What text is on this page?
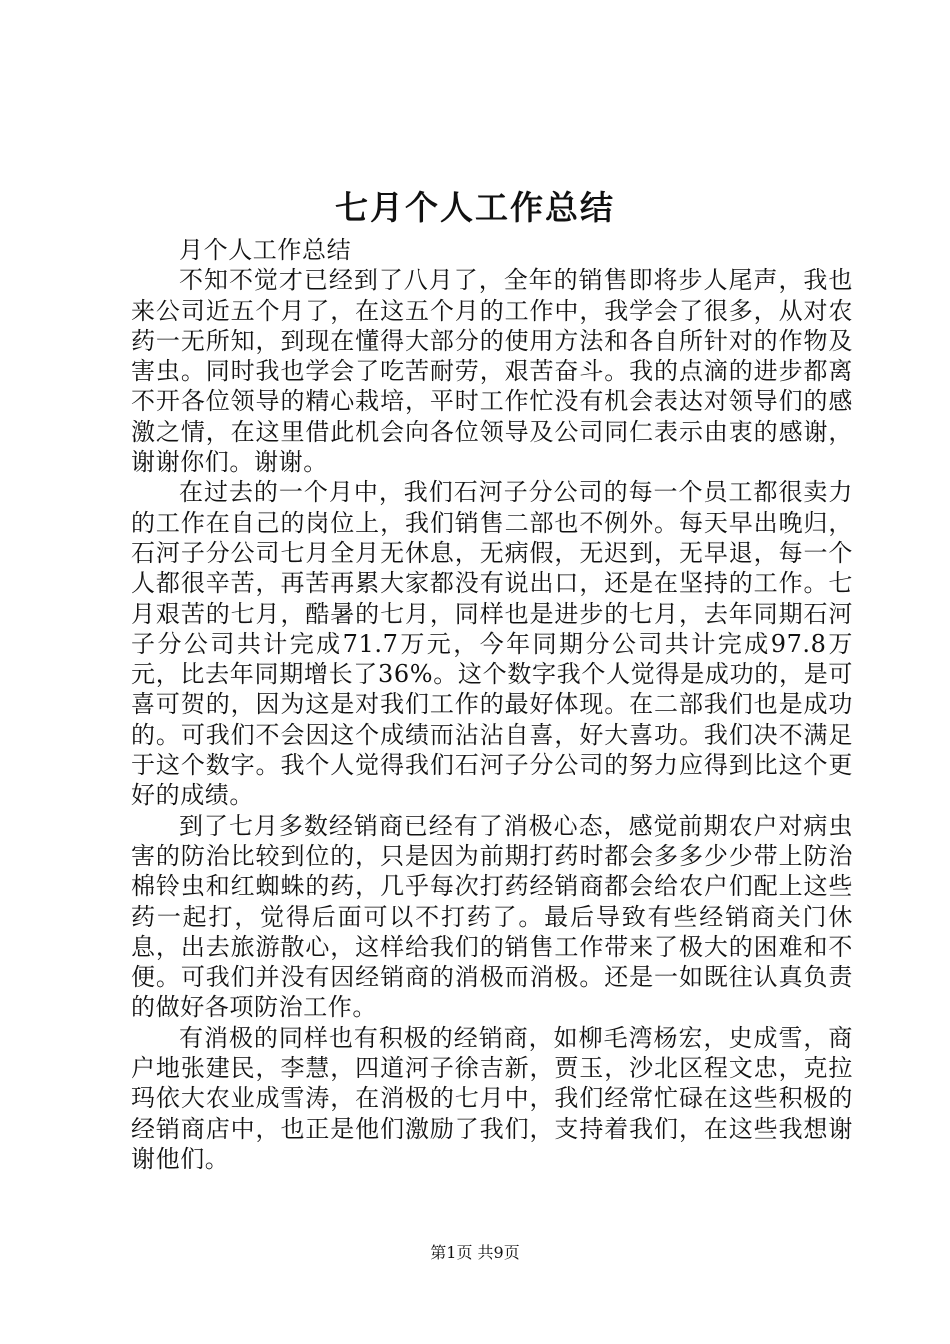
七月个人工作总结

月个人工作总结

不知不觉才已经到了八月了，全年的销售即将步人尾声，我也来公司近五个月了，在这五个月的工作中，我学会了很多，从对农药一无所知，到现在懂得大部分的使用方法和各自所针对的作物及害虫。同时我也学会了吃苦耐劳，艰苦奋斗。我的点滴的进步都离不开各位领导的精心栽培，平时工作忙没有机会表达对领导们的感激之情，在这里借此机会向各位领导及公司同仁表示由衷的感谢，谢谢你们。谢谢。

在过去的一个月中，我们石河子分公司的每一个员工都很卖力的工作在自己的岗位上，我们销售二部也不例外。每天早出晚归，石河子分公司七月全月无休息，无病假，无迟到，无早退，每一个人都很辛苦，再苦再累大家都没有说出口，还是在坚持的工作。七月艰苦的七月，酷暑的七月，同样也是进步的七月，去年同期石河子分公司共计完成71.7万元，今年同期分公司共计完成97.8万元，比去年同期增长了36%。这个数字我个人觉得是成功的，是可喜可贺的，因为这是对我们工作的最好体现。在二部我们也是成功的。可我们不会因这个成绩而沾沾自喜，好大喜功。我们决不满足于这个数字。我个人觉得我们石河子分公司的努力应得到比这个更好的成绩。

到了七月多数经销商已经有了消极心态，感觉前期农户对病虫害的防治比较到位的，只是因为前期打药时都会多多少少带上防治棉铃虫和红蜘蛛的药，几乎每次打药经销商都会给农户们配上这些药一起打，觉得后面可以不打药了。最后导致有些经销商关门休息，出去旅游散心，这样给我们的销售工作带来了极大的困难和不便。可我们并没有因经销商的消极而消极。还是一如既往认真负责的做好各项防治工作。

有消极的同样也有积极的经销商，如柳毛湾杨宏，史成雪，商户地张建民，李慧，四道河子徐吉新，贾玉，沙北区程文忠，克拉玛依大农业成雪涛，在消极的七月中，我们经常忙碌在这些积极的经销商店中，也正是他们激励了我们，支持着我们，在这些我想谢谢他们。

第1页 共9页
